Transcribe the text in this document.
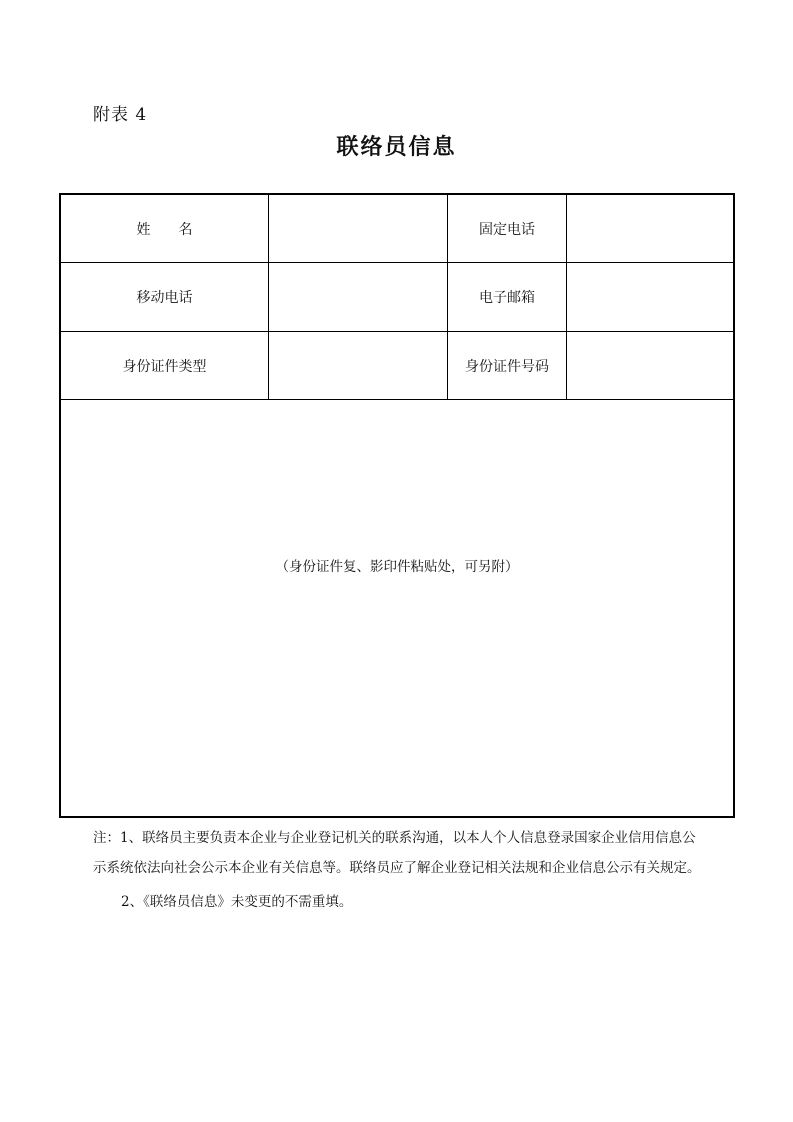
附表 4
联络员信息
姓名	固定电话
移动电话	电子邮箱
身份证件类型	身份证件号码
（身份证件复、影印件粘贴处，可另附）

注：1、联络员主要负责本企业与企业登记机关的联系沟通，以本人个人信息登录国家企业信用信息公示系统依法向社会公示本企业有关信息等。联络员应了解企业登记相关法规和企业信息公示有关规定。

2、《联络员信息》未变更的不需重填。
